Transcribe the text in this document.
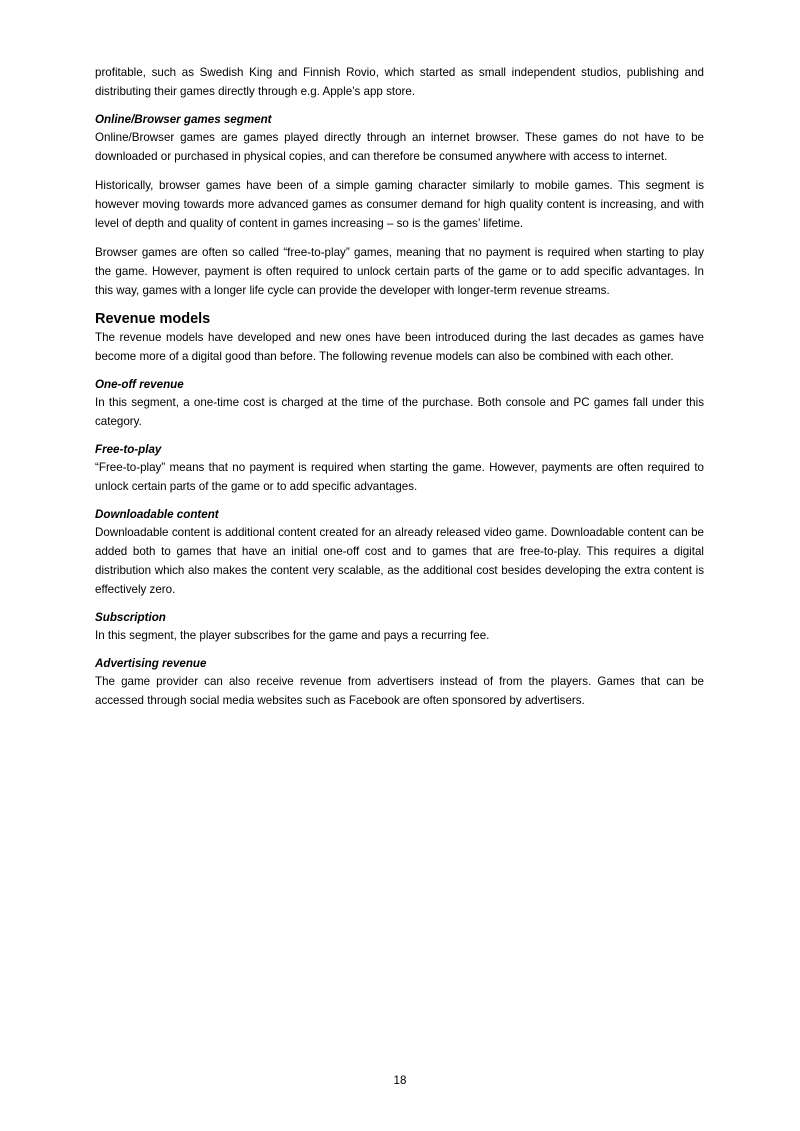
profitable, such as Swedish King and Finnish Rovio, which started as small independent studios, publishing and distributing their games directly through e.g. Apple’s app store.

Online/Browser games segment

Online/Browser games are games played directly through an internet browser. These games do not have to be downloaded or purchased in physical copies, and can therefore be consumed anywhere with access to internet.

Historically, browser games have been of a simple gaming character similarly to mobile games. This segment is however moving towards more advanced games as consumer demand for high quality content is increasing, and with level of depth and quality of content in games increasing – so is the games’ lifetime.

Browser games are often so called “free-to-play” games, meaning that no payment is required when starting to play the game. However, payment is often required to unlock certain parts of the game or to add specific advantages. In this way, games with a longer life cycle can provide the developer with longer-term revenue streams.

Revenue models

The revenue models have developed and new ones have been introduced during the last decades as games have become more of a digital good than before. The following revenue models can also be combined with each other.

One-off revenue

In this segment, a one-time cost is charged at the time of the purchase. Both console and PC games fall under this category.

Free-to-play

“Free-to-play” means that no payment is required when starting the game. However, payments are often required to unlock certain parts of the game or to add specific advantages.

Downloadable content

Downloadable content is additional content created for an already released video game. Downloadable content can be added both to games that have an initial one-off cost and to games that are free-to-play. This requires a digital distribution which also makes the content very scalable, as the additional cost besides developing the extra content is effectively zero.

Subscription

In this segment, the player subscribes for the game and pays a recurring fee.

Advertising revenue

The game provider can also receive revenue from advertisers instead of from the players. Games that can be accessed through social media websites such as Facebook are often sponsored by advertisers.

18
